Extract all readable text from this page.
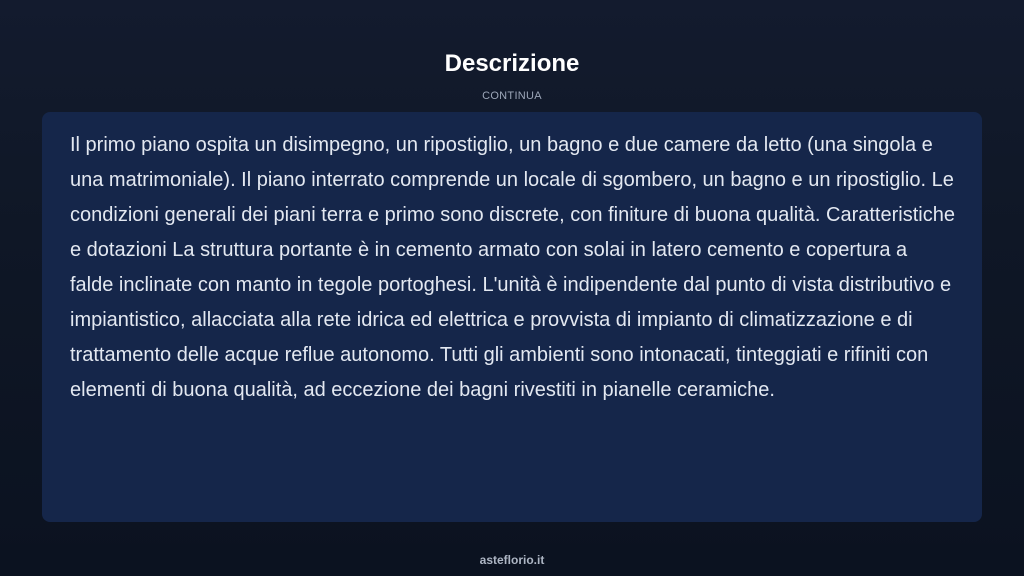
Descrizione
CONTINUA

Il primo piano ospita un disimpegno, un ripostiglio, un bagno e due camere da letto (una singola e una matrimoniale). Il piano interrato comprende un locale di sgombero, un bagno e un ripostiglio. Le condizioni generali dei piani terra e primo sono discrete, con finiture di buona qualità. Caratteristiche e dotazioni La struttura portante è in cemento armato con solai in latero cemento e copertura a falde inclinate con manto in tegole portoghesi. L'unità è indipendente dal punto di vista distributivo e impiantistico, allacciata alla rete idrica ed elettrica e provvista di impianto di climatizzazione e di trattamento delle acque reflue autonomo. Tutti gli ambienti sono intonacati, tinteggiati e rifiniti con elementi di buona qualità, ad eccezione dei bagni rivestiti in pianelle ceramiche.

asteflorio.it
